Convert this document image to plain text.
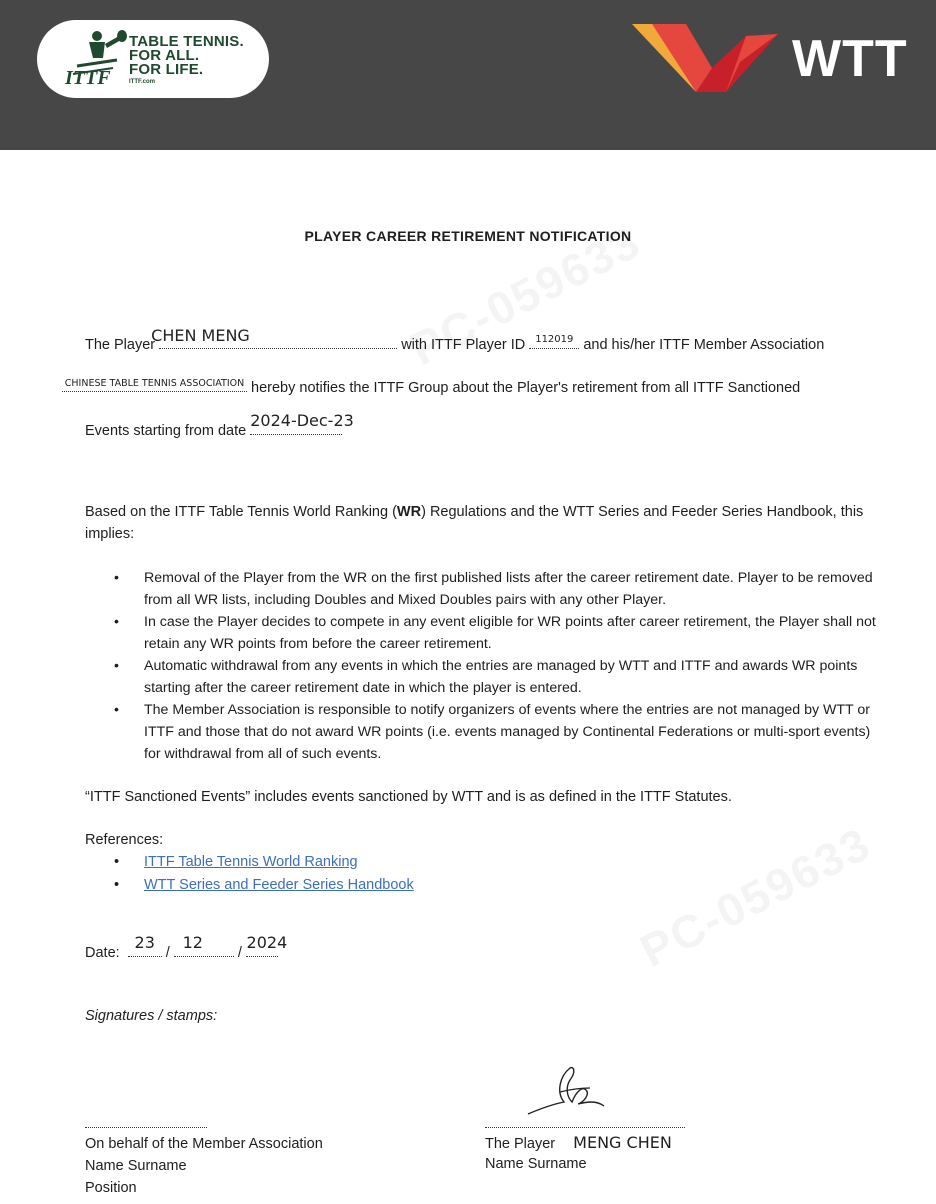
ITTF
TABLE TENNIS.
FOR ALL.
FOR LIFE.
ITTF.com	WTT
PLAYER CAREER RETIREMENT NOTIFICATION
The Player
CHEN MENG	with ITTF Player ID 112019 and his/her ITTF Member Association
CHINESE TABLE TENNIS ASSOCIATION hereby notifies the ITTF Group about the Player's retirement from all ITTF Sanctioned
Events starting from date
2024-Dec-23
Based on the ITTF Table Tennis World Ranking (WR) Regulations and the WTT Series and Feeder Series Handbook, this implies:
• Removal of the Player from the WR on the first published lists after the career retirement date. Player to be removed from all WR lists, including Doubles and Mixed Doubles pairs with any other Player.
• In case the Player decides to compete in any event eligible for WR points after career retirement, the Player shall not retain any WR points from before the career retirement.
• Automatic withdrawal from any events in which the entries are managed by WTT and ITTF and awards WR points starting after the career retirement date in which the player is entered.
• The Member Association is responsible to notify organizers of events where the entries are not managed by WTT or ITTF and those that do not award WR points (i.e. events managed by Continental Federations or multi-sport events) for withdrawal from all of such events.
“ITTF Sanctioned Events” includes events sanctioned by WTT and is as defined in the ITTF Statutes.
References:
• ITTF Table Tennis World Ranking
• WTT Series and Feeder Series Handbook
Date:
23
/
12
/
2024
Signatures / stamps:
On behalf of the Member Association
Name Surname
Position
The Player MENG CHEN
Name Surname
